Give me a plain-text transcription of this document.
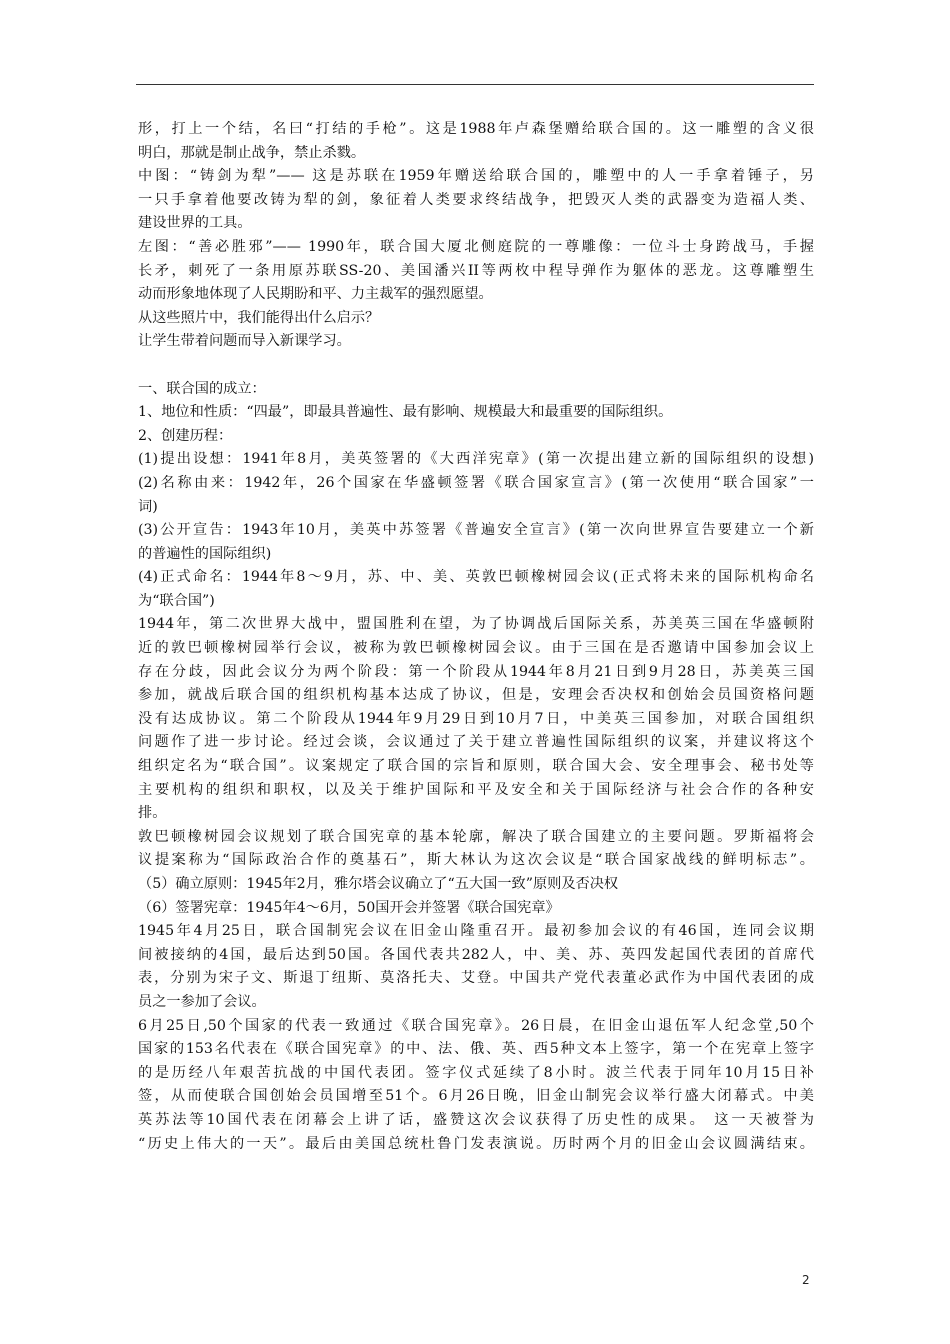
形，打上一个结，名曰“打结的手枪”。这是1988年卢森堡赠给联合国的。这一雕塑的含义很
明白，那就是制止战争，禁止杀戮。
中图：“铸剑为犁”—— 这是苏联在1959年赠送给联合国的，雕塑中的人一手拿着锤子，另
一只手拿着他要改铸为犁的剑，象征着人类要求终结战争，把毁灭人类的武器变为造福人类、
建设世界的工具。
左图：“善必胜邪”—— 1990年，联合国大厦北侧庭院的一尊雕像：一位斗士身跨战马，手握
长矛，刺死了一条用原苏联SS-20、美国潘兴II等两枚中程导弹作为躯体的恶龙。这尊雕塑生
动而形象地体现了人民期盼和平、力主裁军的强烈愿望。
从这些照片中，我们能得出什么启示？
让学生带着问题而导入新课学习。
一、联合国的成立：
1、地位和性质：“四最”，即最具普遍性、最有影响、规模最大和最重要的国际组织。
2、创建历程：
(1)提出设想：1941年8月，美英签署的《大西洋宪章》(第一次提出建立新的国际组织的设想)
(2)名称由来：1942年，26个国家在华盛顿签署《联合国家宣言》(第一次使用“联合国家”一
词)
(3)公开宣告：1943年10月，美英中苏签署《普遍安全宣言》(第一次向世界宣告要建立一个新
的普遍性的国际组织)
(4)正式命名：1944年8～9月，苏、中、美、英敦巴顿橡树园会议(正式将未来的国际机构命名
为“联合国”)
1944年，第二次世界大战中，盟国胜利在望，为了协调战后国际关系，苏美英三国在华盛顿附
近的敦巴顿橡树园举行会议，被称为敦巴顿橡树园会议。由于三国在是否邀请中国参加会议上
存在分歧，因此会议分为两个阶段：第一个阶段从1944年8月21日到9月28日，苏美英三国
参加，就战后联合国的组织机构基本达成了协议，但是，安理会否决权和创始会员国资格问题
没有达成协议。第二个阶段从1944年9月29日到10月7日，中美英三国参加，对联合国组织
问题作了进一步讨论。经过会谈，会议通过了关于建立普遍性国际组织的议案，并建议将这个
组织定名为“联合国”。议案规定了联合国的宗旨和原则，联合国大会、安全理事会、秘书处等
主要机构的组织和职权，以及关于维护国际和平及安全和关于国际经济与社会合作的各种安
排。
敦巴顿橡树园会议规划了联合国宪章的基本轮廓，解决了联合国建立的主要问题。罗斯福将会
议提案称为“国际政治合作的奠基石”，斯大林认为这次会议是“联合国家战线的鲜明标志”。
（5）确立原则：1945年2月，雅尔塔会议确立了“五大国一致”原则及否决权
（6）签署宪章：1945年4～6月，50国开会并签署《联合国宪章》
1945年4月25日，联合国制宪会议在旧金山隆重召开。最初参加会议的有46国，连同会议期
间被接纳的4国，最后达到50国。各国代表共282人，中、美、苏、英四发起国代表团的首席代
表，分别为宋子文、斯退丁纽斯、莫洛托夫、艾登。中国共产党代表董必武作为中国代表团的成
员之一参加了会议。
6月25日,50个国家的代表一致通过《联合国宪章》。26日晨，在旧金山退伍军人纪念堂,50个
国家的153名代表在《联合国宪章》的中、法、俄、英、西5种文本上签字，第一个在宪章上签字
的是历经八年艰苦抗战的中国代表团。签字仪式延续了8小时。波兰代表于同年10月15日补
签，从而使联合国创始会员国增至51个。6月26日晚，旧金山制宪会议举行盛大闭幕式。中美
英苏法等10国代表在闭幕会上讲了话，盛赞这次会议获得了历史性的成果。 这一天被誉为
“历史上伟大的一天”。最后由美国总统杜鲁门发表演说。历时两个月的旧金山会议圆满结束。
2
